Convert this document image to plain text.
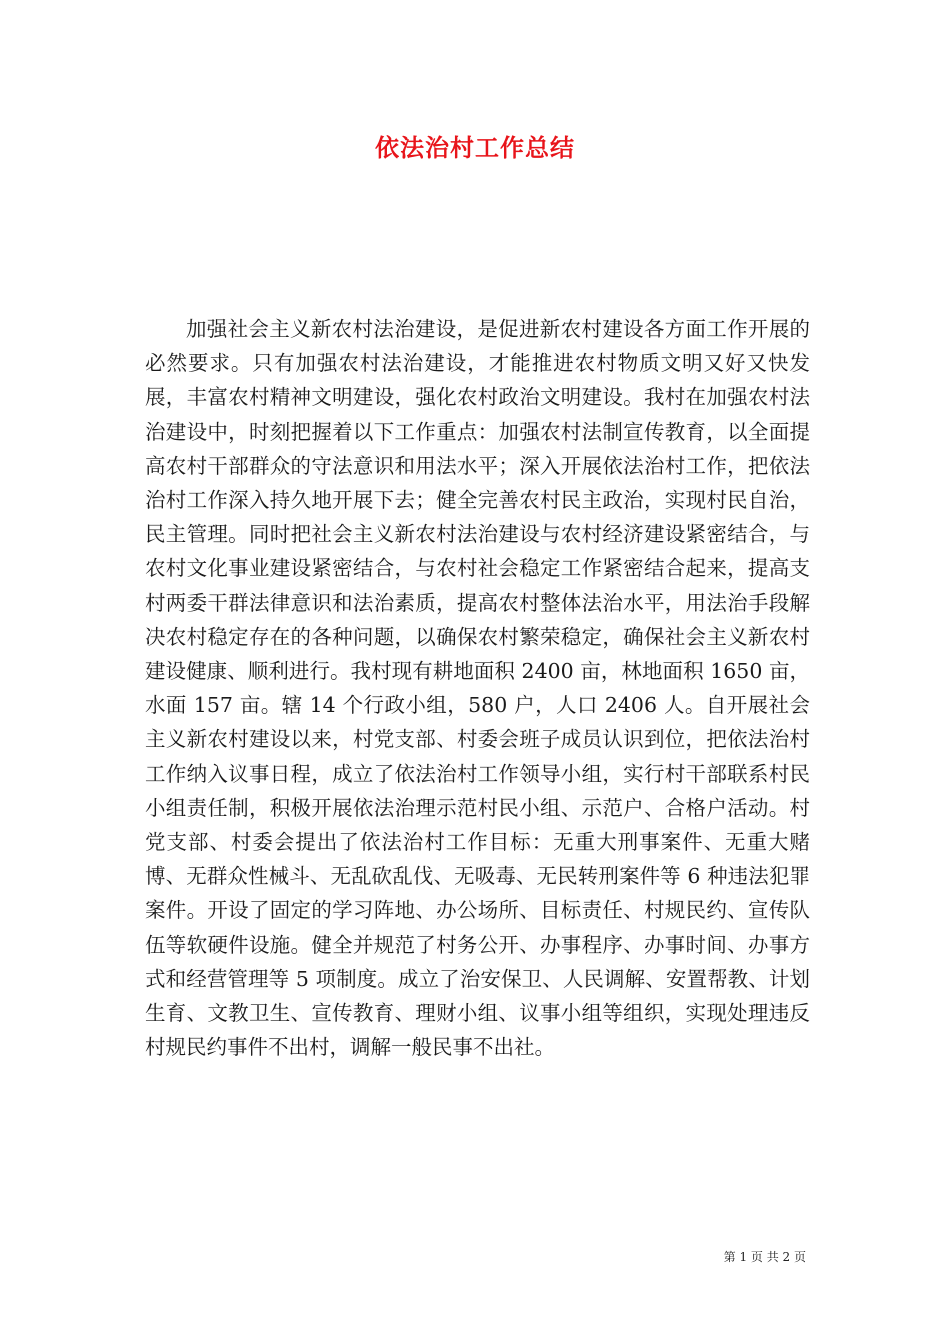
依法治村工作总结

加强社会主义新农村法治建设，是促进新农村建设各方面工作开展的必然要求。只有加强农村法治建设，才能推进农村物质文明又好又快发展，丰富农村精神文明建设，强化农村政治文明建设。我村在加强农村法治建设中，时刻把握着以下工作重点：加强农村法制宣传教育，以全面提高农村干部群众的守法意识和用法水平；深入开展依法治村工作，把依法治村工作深入持久地开展下去；健全完善农村民主政治，实现村民自治，民主管理。同时把社会主义新农村法治建设与农村经济建设紧密结合，与农村文化事业建设紧密结合，与农村社会稳定工作紧密结合起来，提高支村两委干群法律意识和法治素质，提高农村整体法治水平，用法治手段解决农村稳定存在的各种问题，以确保农村繁荣稳定，确保社会主义新农村建设健康、顺利进行。我村现有耕地面积 2400 亩，林地面积 1650 亩，水面 157 亩。辖 14 个行政小组，580 户，人口 2406 人。自开展社会主义新农村建设以来，村党支部、村委会班子成员认识到位，把依法治村工作纳入议事日程，成立了依法治村工作领导小组，实行村干部联系村民小组责任制，积极开展依法治理示范村民小组、示范户、合格户活动。村党支部、村委会提出了依法治村工作目标：无重大刑事案件、无重大赌博、无群众性械斗、无乱砍乱伐、无吸毒、无民转刑案件等 6 种违法犯罪案件。开设了固定的学习阵地、办公场所、目标责任、村规民约、宣传队伍等软硬件设施。健全并规范了村务公开、办事程序、办事时间、办事方式和经营管理等 5 项制度。成立了治安保卫、人民调解、安置帮教、计划生育、文教卫生、宣传教育、理财小组、议事小组等组织，实现处理违反村规民约事件不出村，调解一般民事不出社。

第 1 页 共 2 页
